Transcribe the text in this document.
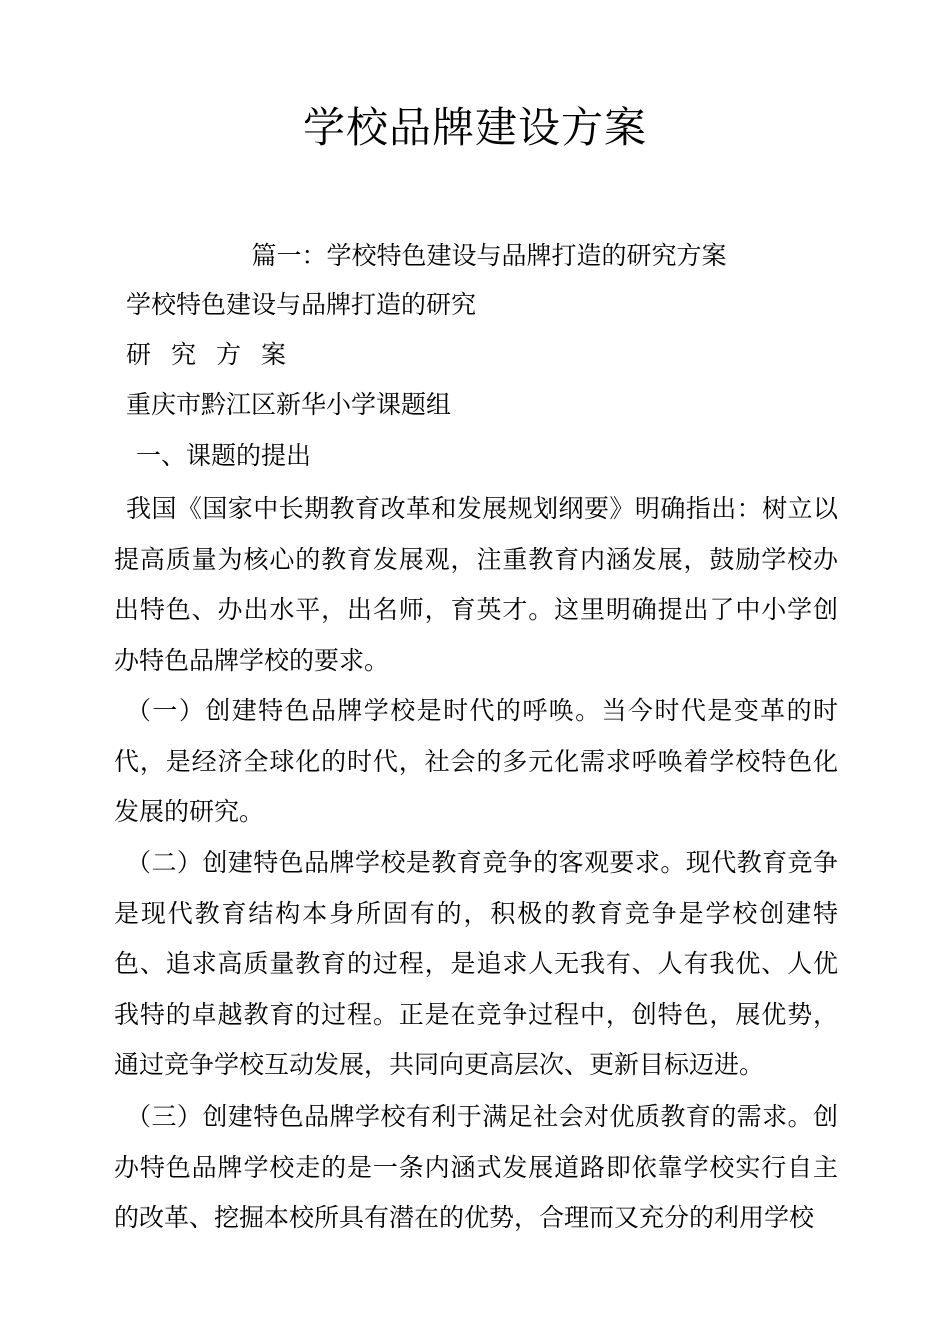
学校品牌建设方案
篇一：学校特色建设与品牌打造的研究方案

学校特色建设与品牌打造的研究

研究方案

重庆市黔江区新华小学课题组

一、课题的提出

我国《国家中长期教育改革和发展规划纲要》明确指出：树立以提高质量为核心的教育发展观，注重教育内涵发展，鼓励学校办出特色、办出水平，出名师，育英才。这里明确提出了中小学创办特色品牌学校的要求。

（一）创建特色品牌学校是时代的呼唤。当今时代是变革的时代，是经济全球化的时代，社会的多元化需求呼唤着学校特色化发展的研究。

（二）创建特色品牌学校是教育竞争的客观要求。现代教育竞争是现代教育结构本身所固有的，积极的教育竞争是学校创建特色、追求高质量教育的过程，是追求人无我有、人有我优、人优我特的卓越教育的过程。正是在竞争过程中，创特色，展优势，通过竞争学校互动发展，共同向更高层次、更新目标迈进。

（三）创建特色品牌学校有利于满足社会对优质教育的需求。创办特色品牌学校走的是一条内涵式发展道路即依靠学校实行自主的改革、挖掘本校所具有潜在的优势，合理而又充分的利用学校
